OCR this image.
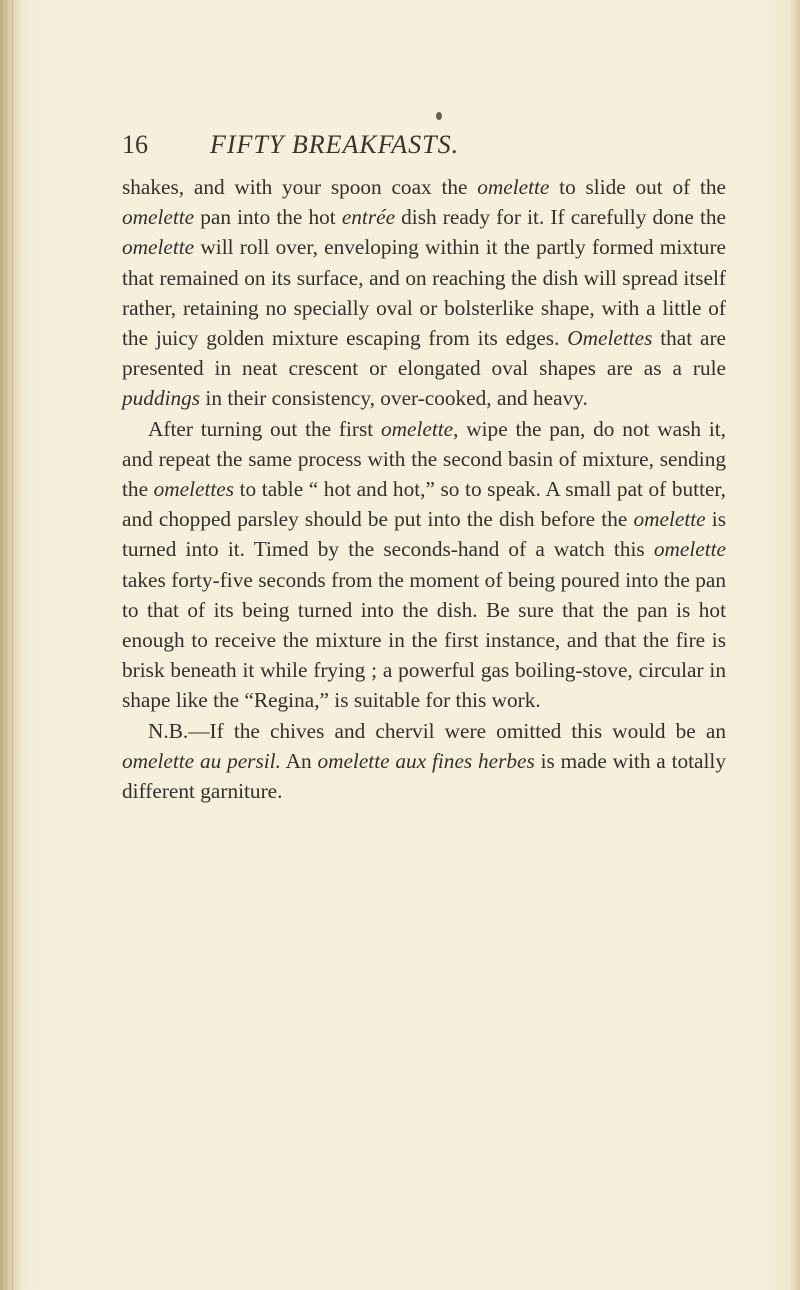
16 FIFTY BREAKFASTS.

shakes, and with your spoon coax the omelette to slide out of the omelette pan into the hot entrée dish ready for it. If carefully done the omelette will roll over, enveloping within it the partly formed mixture that remained on its surface, and on reaching the dish will spread itself rather, retaining no specially oval or bolsterlike shape, with a little of the juicy golden mixture escaping from its edges. Omelettes that are presented in neat crescent or elongated oval shapes are as a rule puddings in their consistency, over-cooked, and heavy.

After turning out the first omelette, wipe the pan, do not wash it, and repeat the same process with the second basin of mixture, sending the omelettes to table “ hot and hot,” so to speak. A small pat of butter, and chopped parsley should be put into the dish before the omelette is turned into it. Timed by the seconds-hand of a watch this omelette takes forty-five seconds from the moment of being poured into the pan to that of its being turned into the dish. Be sure that the pan is hot enough to receive the mixture in the first instance, and that the fire is brisk beneath it while frying ; a powerful gas boiling-stove, circular in shape like the “Regina,” is suitable for this work.

N.B.—If the chives and chervil were omitted this would be an omelette au persil. An omelette aux fines herbes is made with a totally different garniture.
